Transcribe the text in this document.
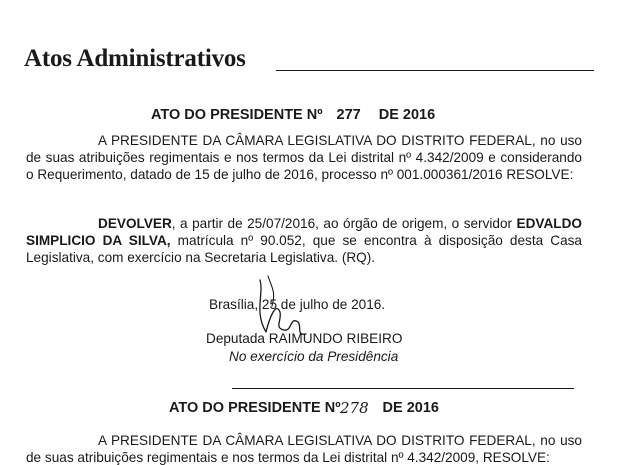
Atos Administrativos
ATO DO PRESIDENTE Nº 277 DE 2016

A PRESIDENTE DA CÂMARA LEGISLATIVA DO DISTRITO FEDERAL, no uso de suas atribuições regimentais e nos termos da Lei distrital nº 4.342/2009 e considerando o Requerimento, datado de 15 de julho de 2016, processo nº 001.000361/2016 RESOLVE:

DEVOLVER, a partir de 25/07/2016, ao órgão de origem, o servidor EDVALDO SIMPLICIO DA SILVA, matrícula nº 90.052, que se encontra à disposição desta Casa Legislativa, com exercício na Secretaria Legislativa. (RQ).

Brasília, 25 de julho de 2016.
Deputada RAIMUNDO RIBEIRO
No exercício da Presidência
ATO DO PRESIDENTE Nº	DE 2016
278

A PRESIDENTE DA CÂMARA LEGISLATIVA DO DISTRITO FEDERAL, no uso de suas atribuições regimentais e nos termos da Lei distrital nº 4.342/2009, RESOLVE:
